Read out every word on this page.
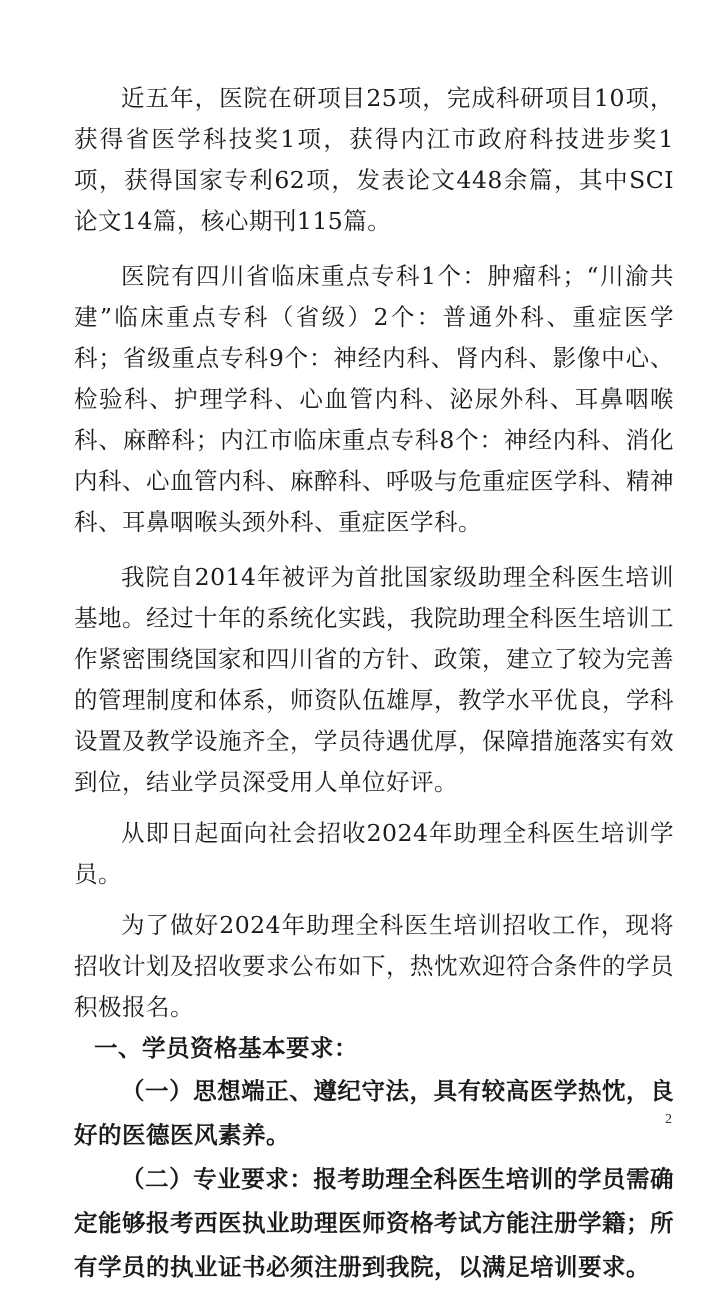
近五年，医院在研项目25项，完成科研项目10项，获得省医学科技奖1项，获得内江市政府科技进步奖1项，获得国家专利62项，发表论文448余篇，其中SCI论文14篇，核心期刊115篇。

医院有四川省临床重点专科1个：肿瘤科；“川渝共建”临床重点专科（省级）2个：普通外科、重症医学科；省级重点专科9个：神经内科、肾内科、影像中心、检验科、护理学科、心血管内科、泌尿外科、耳鼻咽喉科、麻醉科；内江市临床重点专科8个：神经内科、消化内科、心血管内科、麻醉科、呼吸与危重症医学科、精神科、耳鼻咽喉头颈外科、重症医学科。

我院自2014年被评为首批国家级助理全科医生培训基地。经过十年的系统化实践，我院助理全科医生培训工作紧密围绕国家和四川省的方针、政策，建立了较为完善的管理制度和体系，师资队伍雄厚，教学水平优良，学科设置及教学设施齐全，学员待遇优厚，保障措施落实有效到位，结业学员深受用人单位好评。

从即日起面向社会招收2024年助理全科医生培训学员。

为了做好2024年助理全科医生培训招收工作，现将招收计划及招收要求公布如下，热忱欢迎符合条件的学员积极报名。

一、学员资格基本要求：

（一）思想端正、遵纪守法，具有较高医学热忱，良好的医德医风素养。

（二）专业要求：报考助理全科医生培训的学员需确定能够报考西医执业助理医师资格考试方能注册学籍；所有学员的执业证书必须注册到我院，以满足培训要求。

2
